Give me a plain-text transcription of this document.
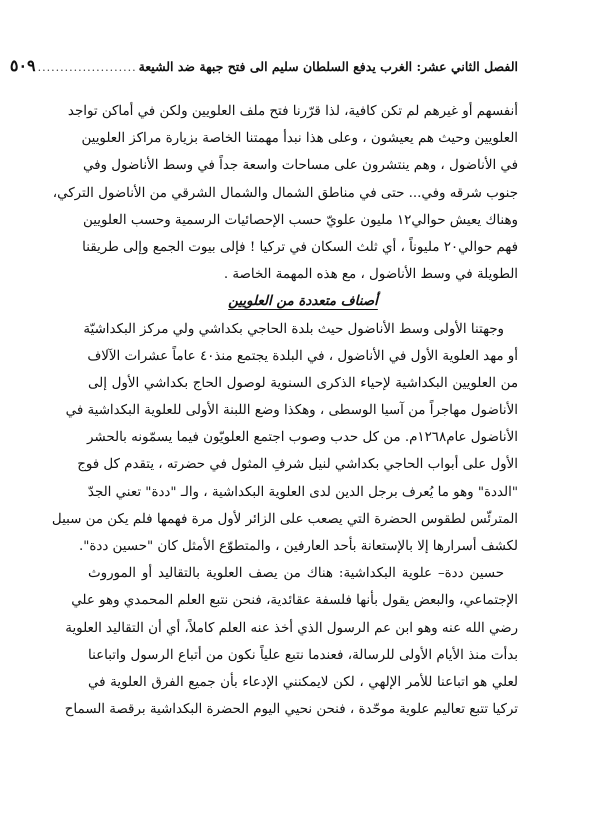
الفصل الثاني عشر: الغرب يدفع السلطان سليم الى فتح جبهة ضد الشيعة
......................
٥٠٩
أنفسهم أو غيرهم لم تكن كافية، لذا قرّرنا فتح ملف العلويين ولكن في أماكن تواجد
العلويين وحيث هم يعيشون ، وعلى هذا نبدأ مهمتنا الخاصة بزيارة مراكز العلويين
في الأناضول ، وهم ينتشرون على مساحات واسعة جداً في وسط الأناضول وفي
جنوب شرقه وفي... حتى في مناطق الشمال والشمال الشرقي من الأناضول التركي،
وهناك يعيش حوالي١٢ مليون علويّ حسب الإحصائيات الرسمية وحسب العلويين
فهم حوالي٢٠ مليوناً ، أي ثلث السكان في تركيا ! فإلى بيوت الجمع وإلى طريقنا
الطويلة في وسط الأناضول ، مع هذه المهمة الخاصة .
أصناف متعددة من العلويين
وجهتنا الأولى وسط الأناضول حيث بلدة الحاجي بكداشي ولي مركز البكداشيّة
أو مهد العلوية الأول في الأناضول ، في البلدة يجتمع منذ٤٠ عاماً عشرات الآلاف
من العلويين البكداشية لإحياء الذكرى السنوية لوصول الحاج بكداشي الأول إلى
الأناضول مهاجراً من آسيا الوسطى ، وهكذا وضع اللبنة الأولى للعلوية البكداشية في
الأناضول عام١٢٦٨م. من كل حدب وصوب اجتمع العلويّون فيما يسمّونه بالحشر
الأول على أبواب الحاجي بكداشي لنيل شرفِ المثول في حضرته ، يتقدم كل فوج
"الددة" وهو ما يُعرف برجل الدين لدى العلوية البكداشية ، والـ "ددة" تعني الجدّ
المترئّس لطقوس الحضرة التي يصعب على الزائر لأول مرة فهمها فلم يكن من سبيل
لكشف أسرارها إلا بالإستعانة بأحد العارفين ، والمتطوّع الأمثل كان "حسين ددة".
حسين ددة– علوية البكداشية: هناك من يصف العلوية بالتقاليد أو الموروث
الإجتماعي، والبعض يقول بأنها فلسفة عقائدية، فنحن نتبع العلم المحمدي وهو علي
رضي الله عنه وهو ابن عم الرسول الذي أخذ عنه العلم كاملاً، أي أن التقاليد العلوية
بدأت منذ الأيام الأولى للرسالة، فعندما نتبع علياً نكون من أتباع الرسول واتباعنا
لعلي هو اتباعنا للأمر الإلهي ، لكن لايمكنني الإدعاء بأن جميع الفرق العلوية في
تركيا تتبع تعاليم علوية موحّدة ، فنحن نحيي اليوم الحضرة البكداشية برقصة السماح
